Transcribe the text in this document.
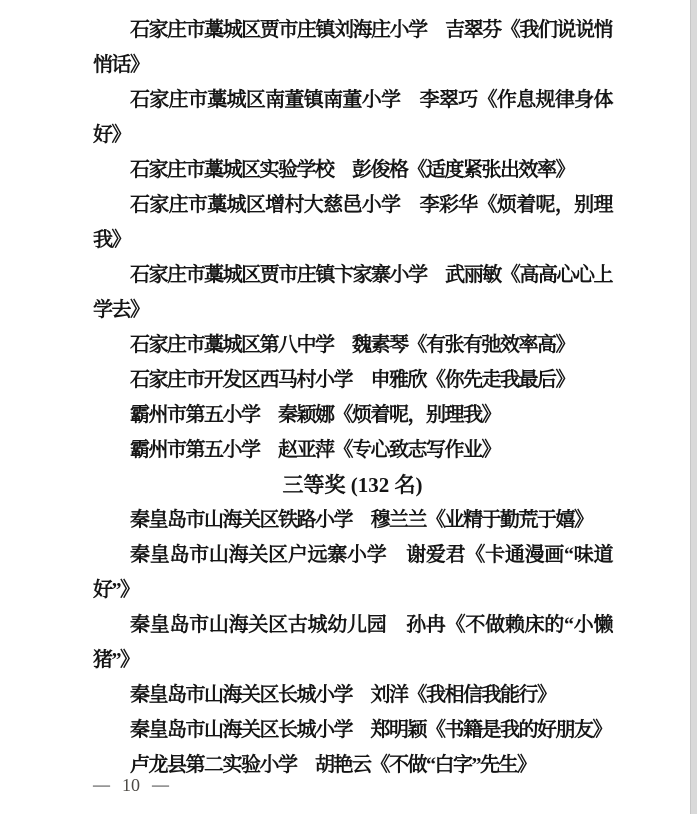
石家庄市藁城区贾市庄镇刘海庄小学　吉翠芬《我们说说悄悄话》

石家庄市藁城区南董镇南董小学　李翠巧《作息规律身体好》

石家庄市藁城区实验学校　彭俊格《适度紧张出效率》

石家庄市藁城区增村大慈邑小学　李彩华《烦着呢，别理我》

石家庄市藁城区贾市庄镇卞家寨小学　武丽敏《高高心心上学去》

石家庄市藁城区第八中学　魏素琴《有张有弛效率高》

石家庄市开发区西马村小学　申雅欣《你先走我最后》

霸州市第五小学　秦颖娜《烦着呢，别理我》

霸州市第五小学　赵亚萍《专心致志写作业》

三等奖 (132 名)

秦皇岛市山海关区铁路小学　穆兰兰《业精于勤荒于嬉》

秦皇岛市山海关区户远寨小学　谢爱君《卡通漫画“味道好”》

秦皇岛市山海关区古城幼儿园　孙冉《不做赖床的“小懒猪”》

秦皇岛市山海关区长城小学　刘洋《我相信我能行》

秦皇岛市山海关区长城小学　郑明颖《书籍是我的好朋友》

卢龙县第二实验小学　胡艳云《不做“白字”先生》

— 10 —
